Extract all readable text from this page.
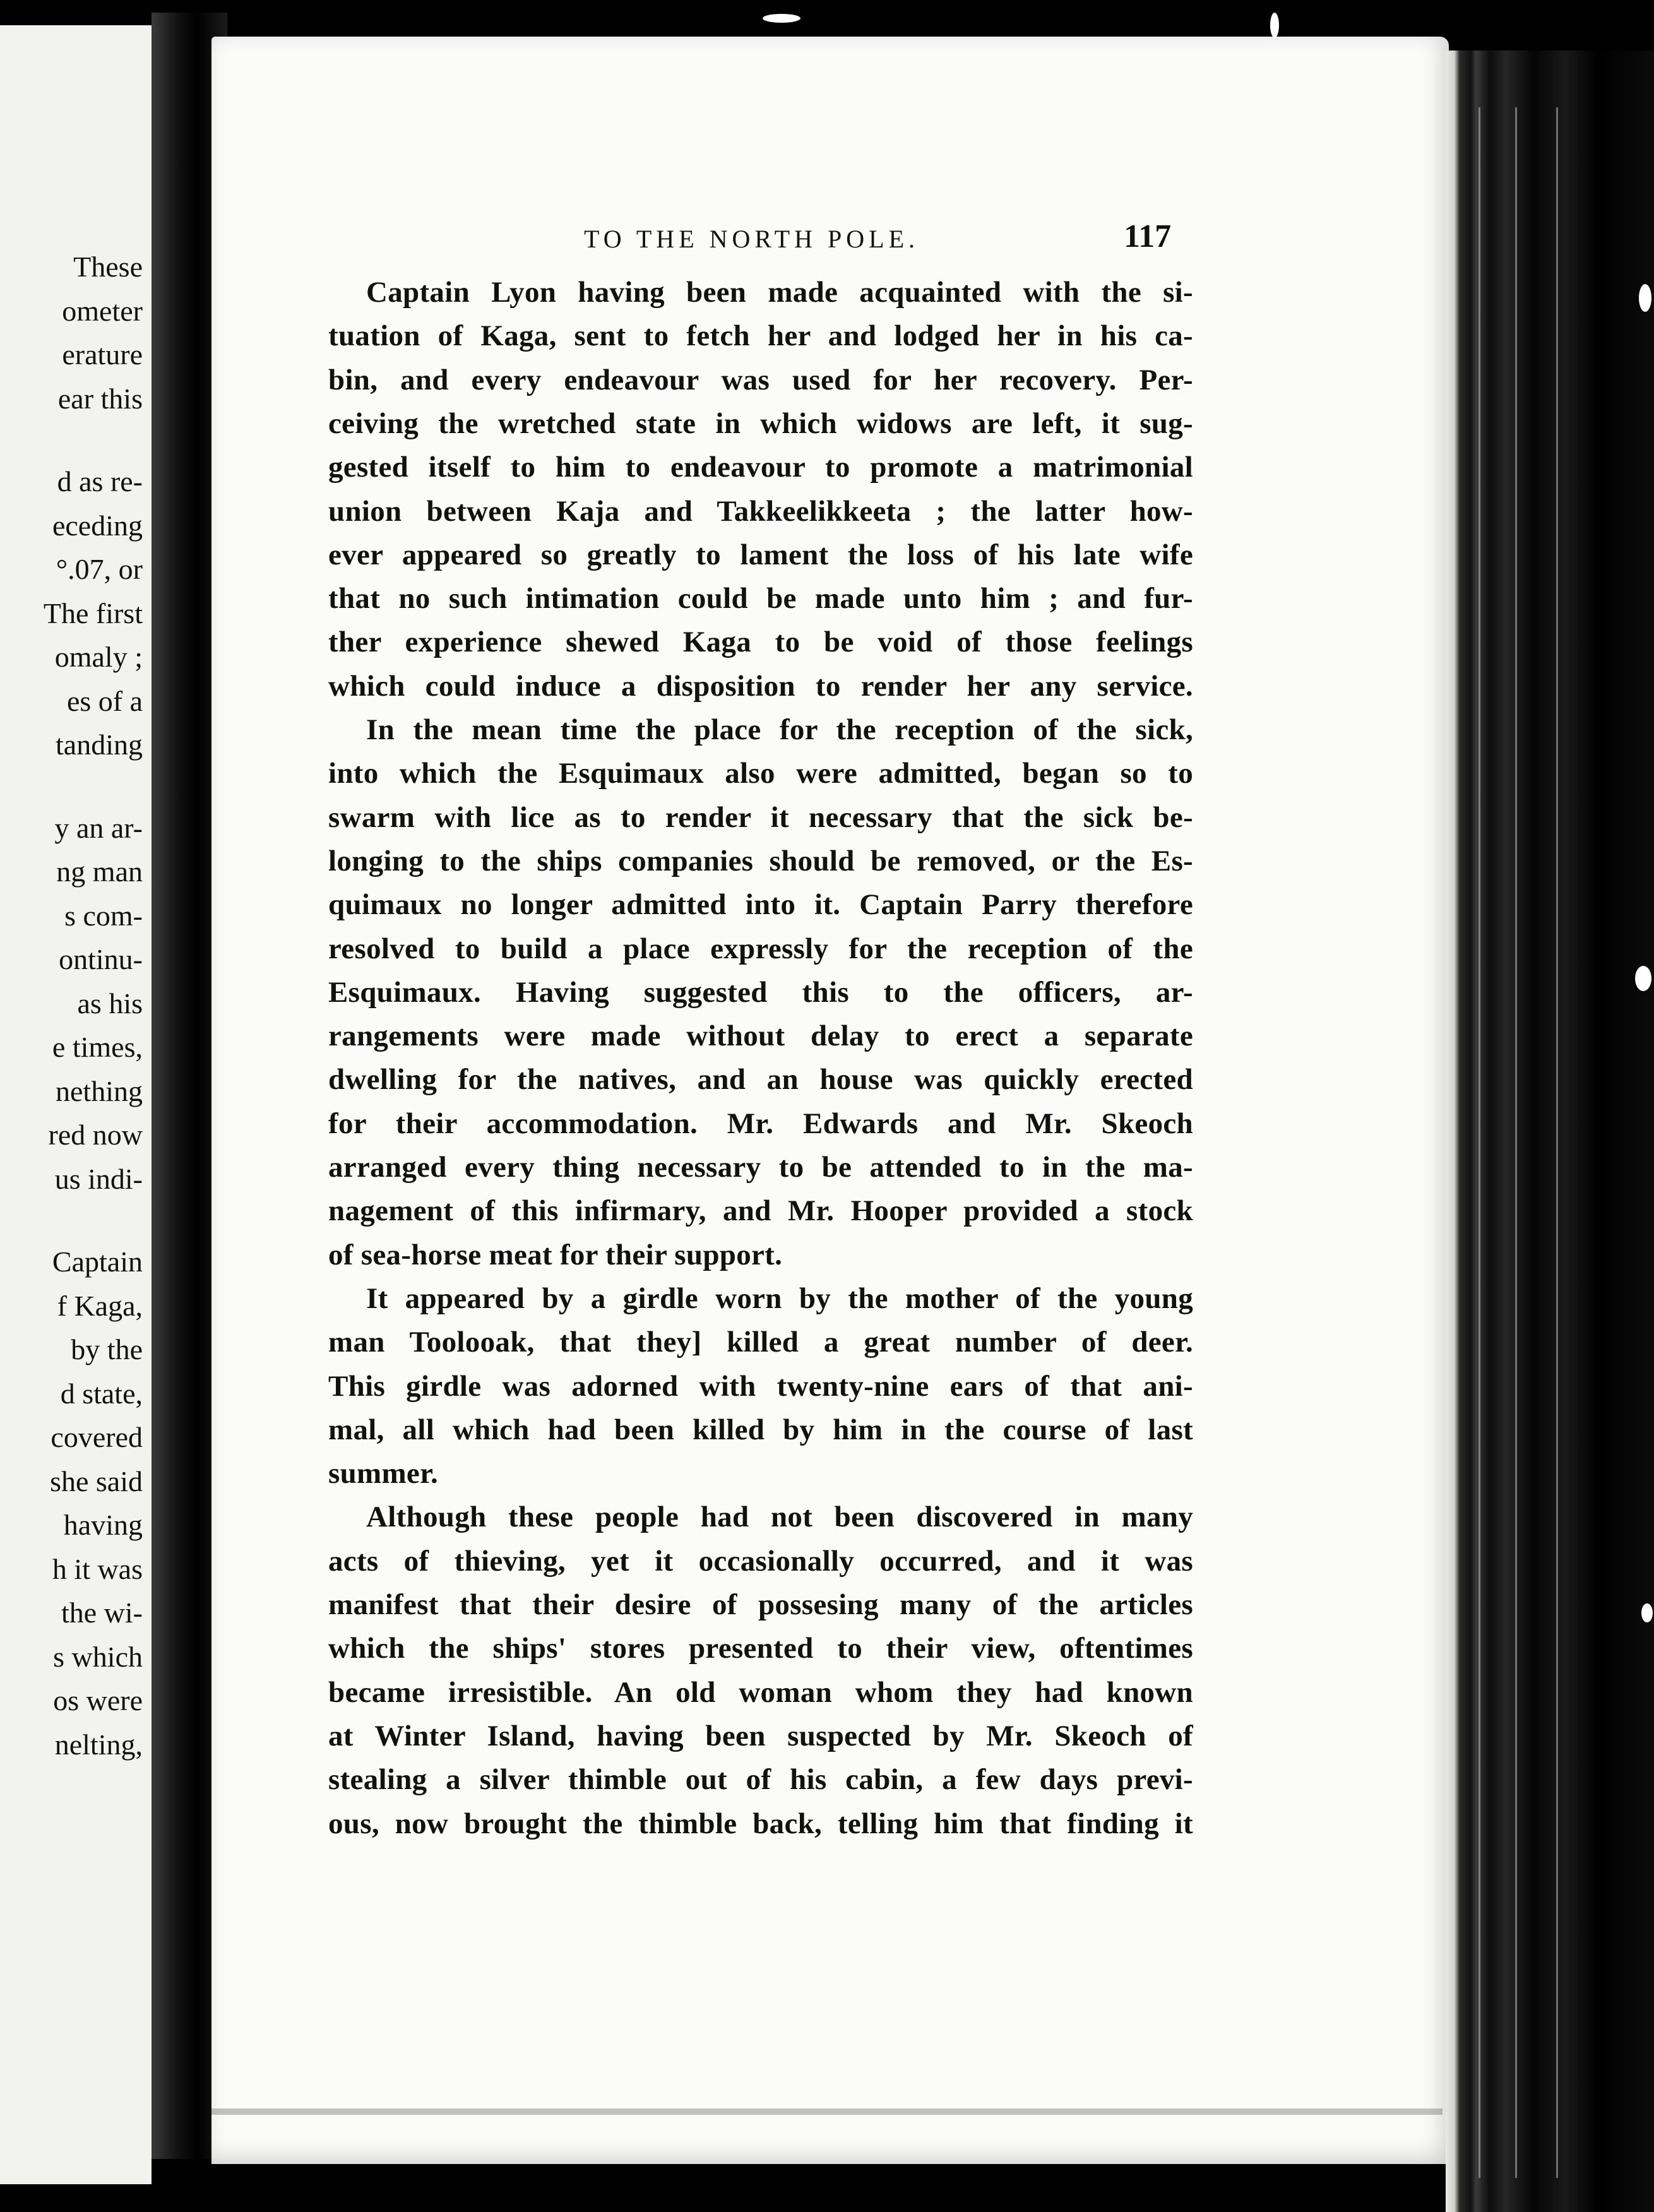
These
ometer
erature
ear this
d as re-
eceding
°.07, or
The first
omaly ;
es of a
tanding
y an ar-
ng man
s com-
ontinu-
as his
e times,
nething
red now
us indi-
Captain
f Kaga,
by the
d state,
covered
she said
having
h it was
the wi-
s which
os were
nelting,
TO THE NORTH POLE.	117
Captain Lyon having been made acquainted with the si-
tuation of Kaga, sent to fetch her and lodged her in his ca-
bin, and every endeavour was used for her recovery. Per-
ceiving the wretched state in which widows are left, it sug-
gested itself to him to endeavour to promote a matrimonial
union between Kaja and Takkeelikkeeta ; the latter how-
ever appeared so greatly to lament the loss of his late wife
that no such intimation could be made unto him ; and fur-
ther experience shewed Kaga to be void of those feelings
which could induce a disposition to render her any service.
In the mean time the place for the reception of the sick,
into which the Esquimaux also were admitted, began so to
swarm with lice as to render it necessary that the sick be-
longing to the ships companies should be removed, or the Es-
quimaux no longer admitted into it. Captain Parry therefore
resolved to build a place expressly for the reception of the
Esquimaux. Having suggested this to the officers, ar-
rangements were made without delay to erect a separate
dwelling for the natives, and an house was quickly erected
for their accommodation. Mr. Edwards and Mr. Skeoch
arranged every thing necessary to be attended to in the ma-
nagement of this infirmary, and Mr. Hooper provided a stock
of sea-horse meat for their support.
It appeared by a girdle worn by the mother of the young
man Toolooak, that they] killed a great number of deer.
This girdle was adorned with twenty-nine ears of that ani-
mal, all which had been killed by him in the course of last
summer.
Although these people had not been discovered in many
acts of thieving, yet it occasionally occurred, and it was
manifest that their desire of possesing many of the articles
which the ships' stores presented to their view, oftentimes
became irresistible. An old woman whom they had known
at Winter Island, having been suspected by Mr. Skeoch of
stealing a silver thimble out of his cabin, a few days previ-
ous, now brought the thimble back, telling him that finding it
